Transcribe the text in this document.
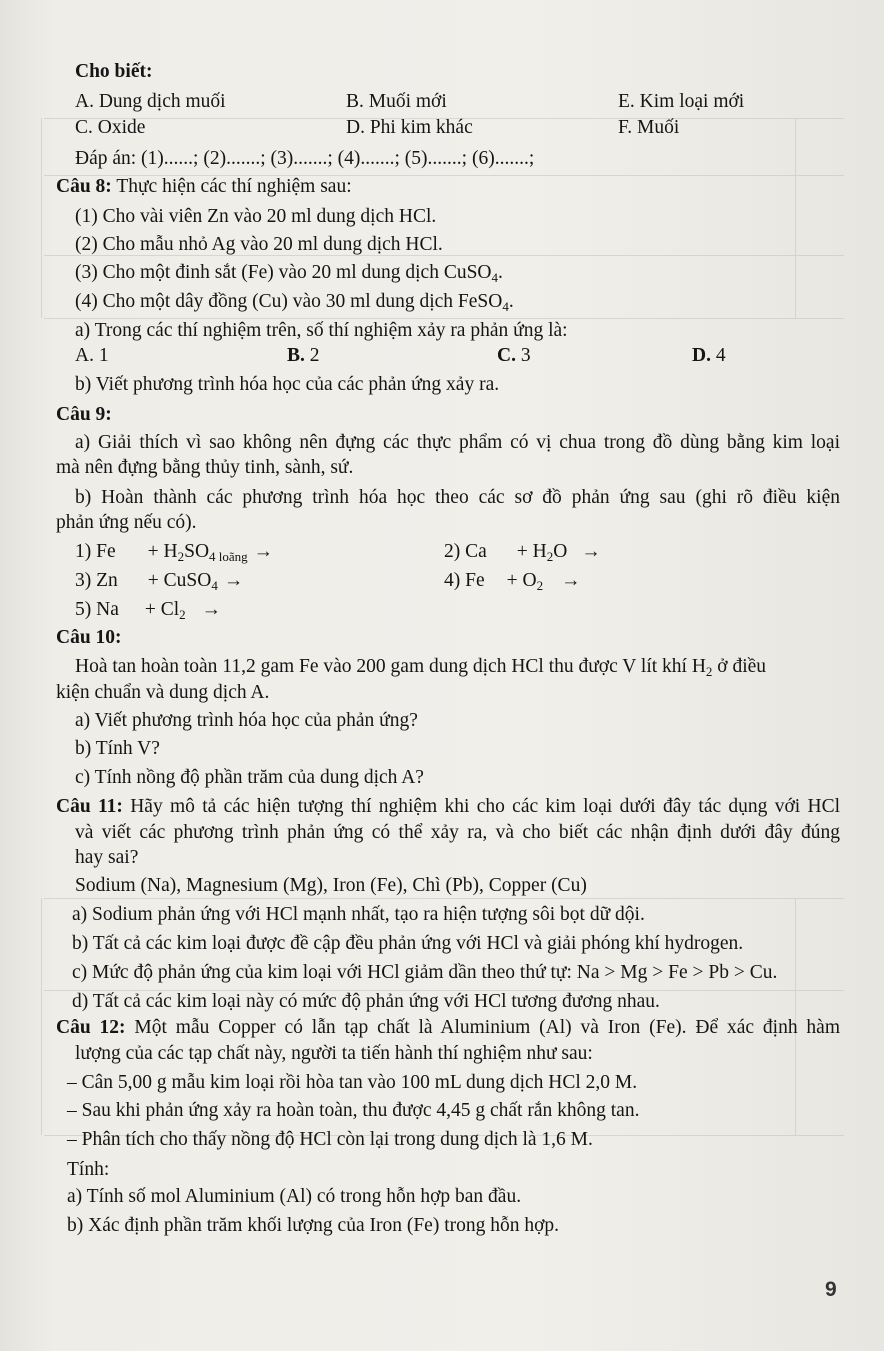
Cho biết:
A. Dung dịch muối	B. Muối mới	E. Kim loại mới
C. Oxide	D. Phi kim khác	F. Muối
Đáp án: (1)......; (2).......; (3).......; (4).......; (5).......; (6).......;
Câu 8: Thực hiện các thí nghiệm sau:
(1) Cho vài viên Zn vào 20 ml dung dịch HCl.
(2) Cho mẫu nhỏ Ag vào 20 ml dung dịch HCl.
(3) Cho một đinh sắt (Fe) vào 20 ml dung dịch CuSO$_4$.
(4) Cho một dây đồng (Cu) vào 30 ml dung dịch FeSO$_4$.
a) Trong các thí nghiệm trên, số thí nghiệm xảy ra phản ứng là:
A. 1	B. 2	C. 3	D. 4
b) Viết phương trình hóa học của các phản ứng xảy ra.
Câu 9:
a) Giải thích vì sao không nên đựng các thực phẩm có vị chua trong đồ dùng bằng kim loại
mà nên đựng bằng thủy tinh, sành, sứ.
b) Hoàn thành các phương trình hóa học theo các sơ đồ phản ứng sau (ghi rõ điều kiện
phản ứng nếu có).
1) $Fe + H_2SO_{4 loãng}$ →	2) $Ca + H_2O$ →
3) Zn + CuSO$_4$ →	4) $Fe + O_2$ →
5) $Na + Cl_2$ →
Câu 10:
Hoà tan hoàn toàn 11,2 gam Fe vào 200 gam dung dịch HCl thu được V lít khí $H_2$ ở điều
kiện chuẩn và dung dịch A.
a) Viết phương trình hóa học của phản ứng?
b) Tính V?
c) Tính nồng độ phần trăm của dung dịch A?
Câu 11: Hãy mô tả các hiện tượng thí nghiệm khi cho các kim loại dưới đây tác dụng với HCl
và viết các phương trình phản ứng có thể xảy ra, và cho biết các nhận định dưới đây đúng
hay sai?
Sodium (Na), Magnesium (Mg), Iron (Fe), Chì (Pb), Copper (Cu)
a) Sodium phản ứng với HCl mạnh nhất, tạo ra hiện tượng sôi bọt dữ dội.
b) Tất cả các kim loại được đề cập đều phản ứng với HCl và giải phóng khí hydrogen.
c) Mức độ phản ứng của kim loại với HCl giảm dần theo thứ tự: Na > Mg > Fe > Pb > Cu.
d) Tất cả các kim loại này có mức độ phản ứng với HCl tương đương nhau.
Câu 12: Một mẫu Copper có lẫn tạp chất là Aluminium (Al) và Iron (Fe). Để xác định hàm
lượng của các tạp chất này, người ta tiến hành thí nghiệm như sau:
– Cân 5,00 g mẫu kim loại rồi hòa tan vào 100 mL dung dịch HCl 2,0 M.
– Sau khi phản ứng xảy ra hoàn toàn, thu được 4,45 g chất rắn không tan.
– Phân tích cho thấy nồng độ HCl còn lại trong dung dịch là 1,6 M.
Tính:
a) Tính số mol Aluminium (Al) có trong hỗn hợp ban đầu.
b) Xác định phần trăm khối lượng của Iron (Fe) trong hỗn hợp.
9
